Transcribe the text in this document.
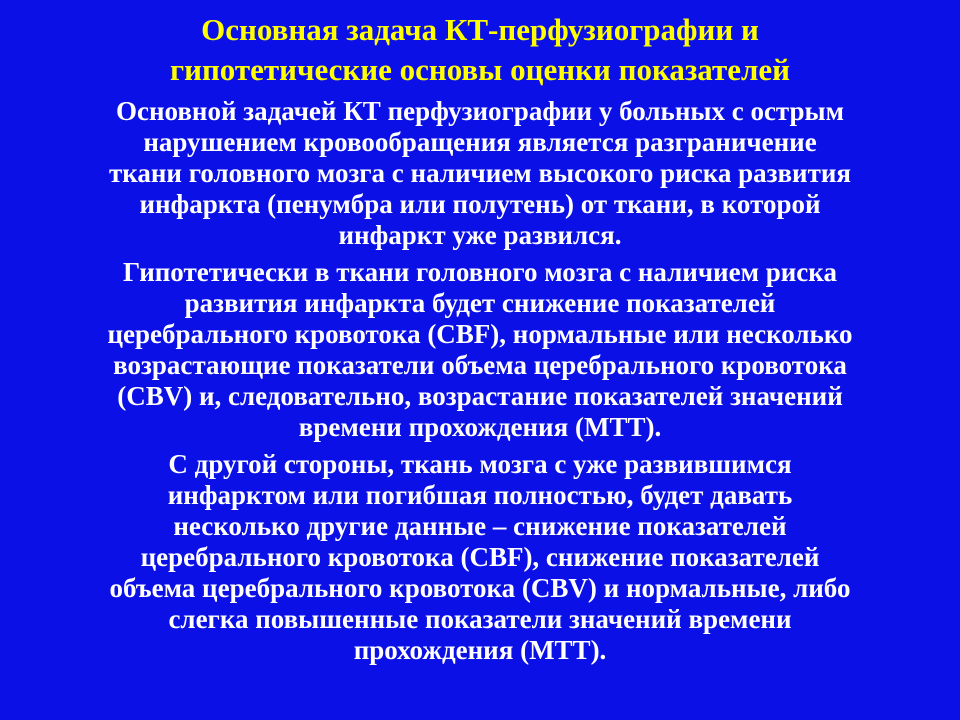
Основная задача КТ-перфузиографии и
гипотетические основы оценки показателей
Основной задачей КТ перфузиографии у больных с острым
нарушением кровообращения является разграничение
ткани головного мозга с наличием высокого риска развития
инфаркта (пенумбра или полутень) от ткани, в которой
инфаркт уже развился.
Гипотетически в ткани головного мозга с наличием риска
развития инфаркта будет снижение показателей
церебрального кровотока (CBF), нормальные или несколько
возрастающие показатели объема церебрального кровотока
(CBV) и, следовательно, возрастание показателей значений
времени прохождения (MTT).
С другой стороны, ткань мозга с уже развившимся
инфарктом или погибшая полностью, будет давать
несколько другие данные – снижение показателей
церебрального кровотока (CBF), снижение показателей
объема церебрального кровотока (CBV) и нормальные, либо
слегка повышенные показатели значений времени
прохождения (MTT).
